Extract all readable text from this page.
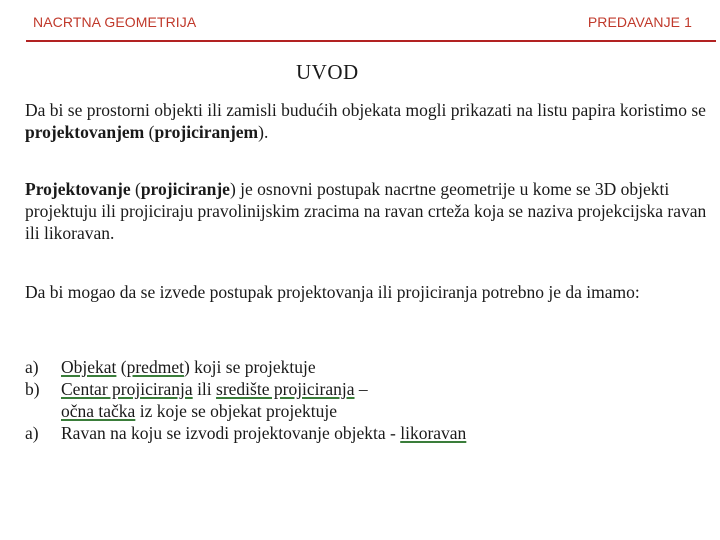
NACRTNA GEOMETRIJA	PREDAVANJE 1
UVOD

Da bi se prostorni objekti ili zamisli budućih objekata mogli prikazati na listu papira koristimo se projektovanjem (projiciranjem).

Projektovanje (projiciranje) je osnovni postupak nacrtne geometrije u kome se 3D objekti projektuju ili projiciraju pravolinijskim zracima na ravan crteža koja se naziva projekcijska ravan ili likoravan.

Da bi mogao da se izvede postupak projektovanja ili projiciranja potrebno je da imamo:

a)	Objekat (predmet) koji se projektuje
b)	Centar projiciranja ili središte projiciranja –
očna tačka iz koje se objekat projektuje
a)	Ravan na koju se izvodi projektovanje objekta - likoravan
